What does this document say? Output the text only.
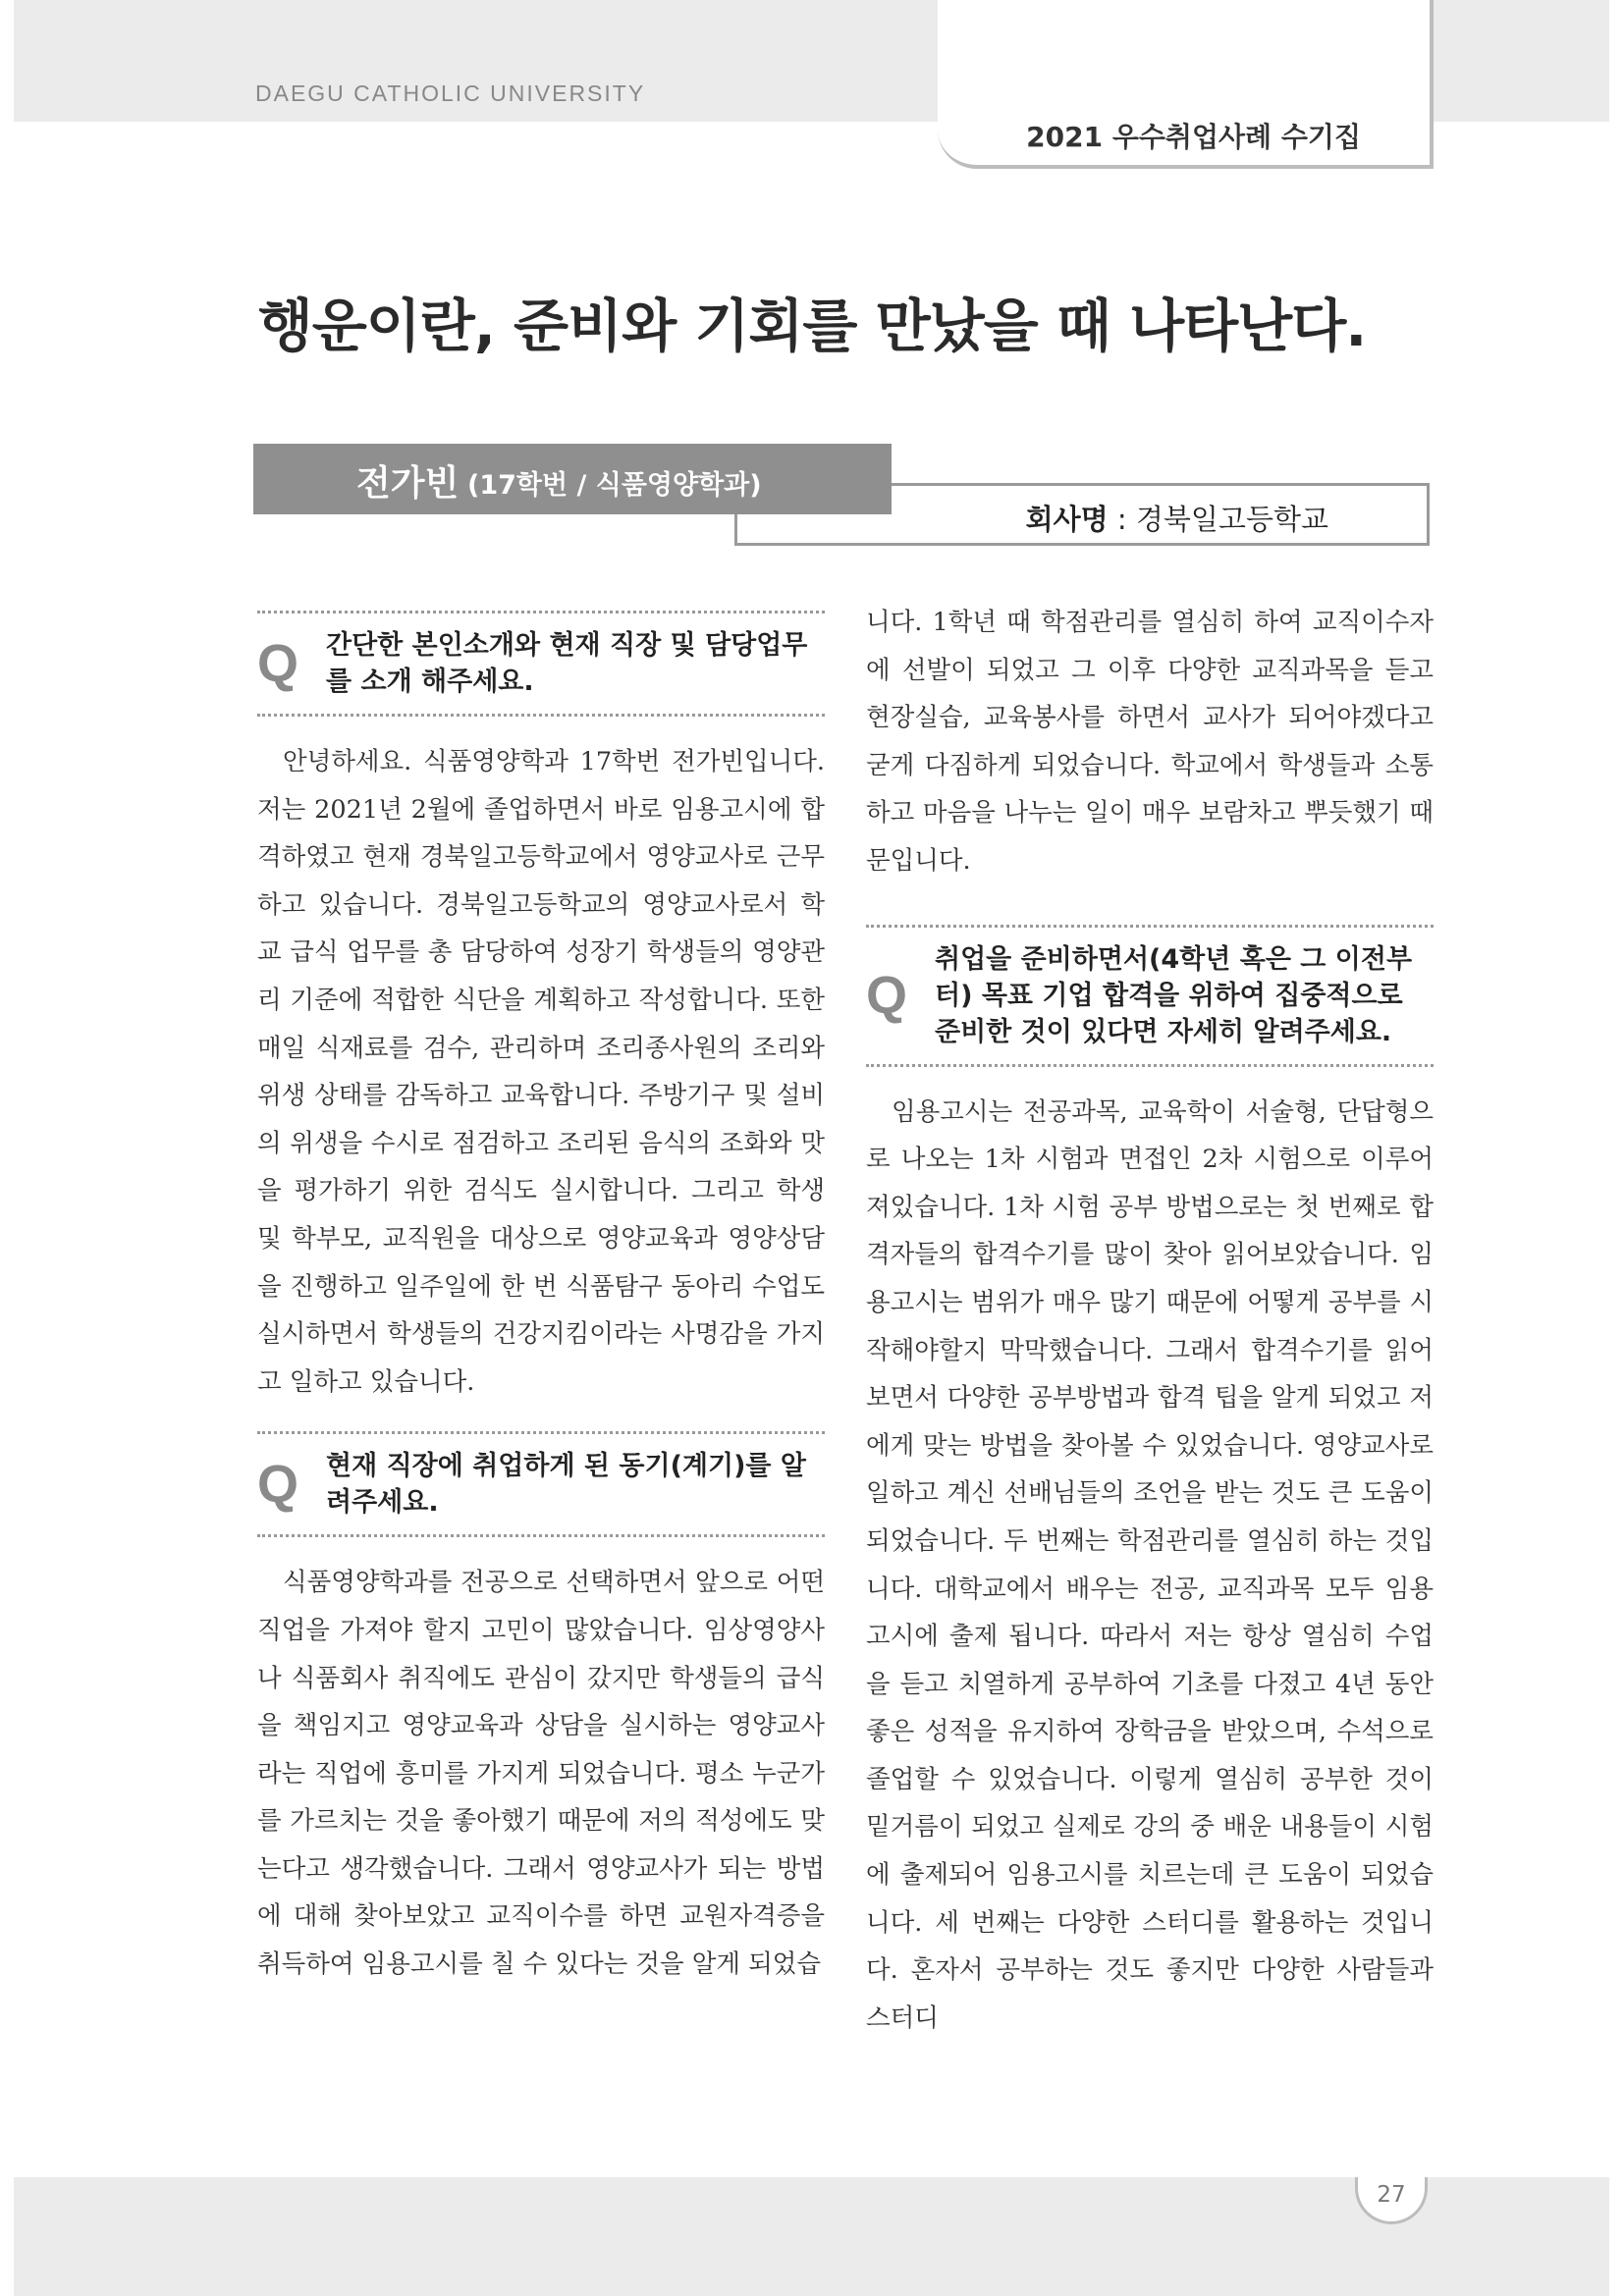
DAEGU CATHOLIC UNIVERSITY
2021 우수취업사례 수기집
행운이란, 준비와 기회를 만났을 때 나타난다.
회사명 : 경북일고등학교
전가빈 (17학번 / 식품영양학과)
Q 간단한 본인소개와 현재 직장 및 담당업무를 소개 해주세요.

안녕하세요. 식품영양학과 17학번 전가빈입니다. 저는 2021년 2월에 졸업하면서 바로 임용고시에 합격하였고 현재 경북일고등학교에서 영양교사로 근무하고 있습니다. 경북일고등학교의 영양교사로서 학교 급식 업무를 총 담당하여 성장기 학생들의 영양관리 기준에 적합한 식단을 계획하고 작성합니다. 또한 매일 식재료를 검수, 관리하며 조리종사원의 조리와 위생 상태를 감독하고 교육합니다. 주방기구 및 설비의 위생을 수시로 점검하고 조리된 음식의 조화와 맛을 평가하기 위한 검식도 실시합니다. 그리고 학생 및 학부모, 교직원을 대상으로 영양교육과 영양상담을 진행하고 일주일에 한 번 식품탐구 동아리 수업도 실시하면서 학생들의 건강지킴이라는 사명감을 가지고 일하고 있습니다.

Q 현재 직장에 취업하게 된 동기(계기)를 알려주세요.

식품영양학과를 전공으로 선택하면서 앞으로 어떤 직업을 가져야 할지 고민이 많았습니다. 임상영양사나 식품회사 취직에도 관심이 갔지만 학생들의 급식을 책임지고 영양교육과 상담을 실시하는 영양교사라는 직업에 흥미를 가지게 되었습니다. 평소 누군가를 가르치는 것을 좋아했기 때문에 저의 적성에도 맞는다고 생각했습니다. 그래서 영양교사가 되는 방법에 대해 찾아보았고 교직이수를 하면 교원자격증을 취득하여 임용고시를 칠 수 있다는 것을 알게 되었습

니다. 1학년 때 학점관리를 열심히 하여 교직이수자에 선발이 되었고 그 이후 다양한 교직과목을 듣고 현장실습, 교육봉사를 하면서 교사가 되어야겠다고 굳게 다짐하게 되었습니다. 학교에서 학생들과 소통하고 마음을 나누는 일이 매우 보람차고 뿌듯했기 때문입니다.

Q
취업을 준비하면서(4학년 혹은 그 이전부터) 목표 기업 합격을 위하여 집중적으로 준비한 것이 있다면 자세히 알려주세요.

임용고시는 전공과목, 교육학이 서술형, 단답형으로 나오는 1차 시험과 면접인 2차 시험으로 이루어져있습니다. 1차 시험 공부 방법으로는 첫 번째로 합격자들의 합격수기를 많이 찾아 읽어보았습니다. 임용고시는 범위가 매우 많기 때문에 어떻게 공부를 시작해야할지 막막했습니다. 그래서 합격수기를 읽어보면서 다양한 공부방법과 합격 팁을 알게 되었고 저에게 맞는 방법을 찾아볼 수 있었습니다. 영양교사로 일하고 계신 선배님들의 조언을 받는 것도 큰 도움이 되었습니다. 두 번째는 학점관리를 열심히 하는 것입니다. 대학교에서 배우는 전공, 교직과목 모두 임용고시에 출제 됩니다. 따라서 저는 항상 열심히 수업을 듣고 치열하게 공부하여 기초를 다졌고 4년 동안 좋은 성적을 유지하여 장학금을 받았으며, 수석으로 졸업할 수 있었습니다. 이렇게 열심히 공부한 것이 밑거름이 되었고 실제로 강의 중 배운 내용들이 시험에 출제되어 임용고시를 치르는데 큰 도움이 되었습니다. 세 번째는 다양한 스터디를 활용하는 것입니다. 혼자서 공부하는 것도 좋지만 다양한 사람들과 스터디

27
